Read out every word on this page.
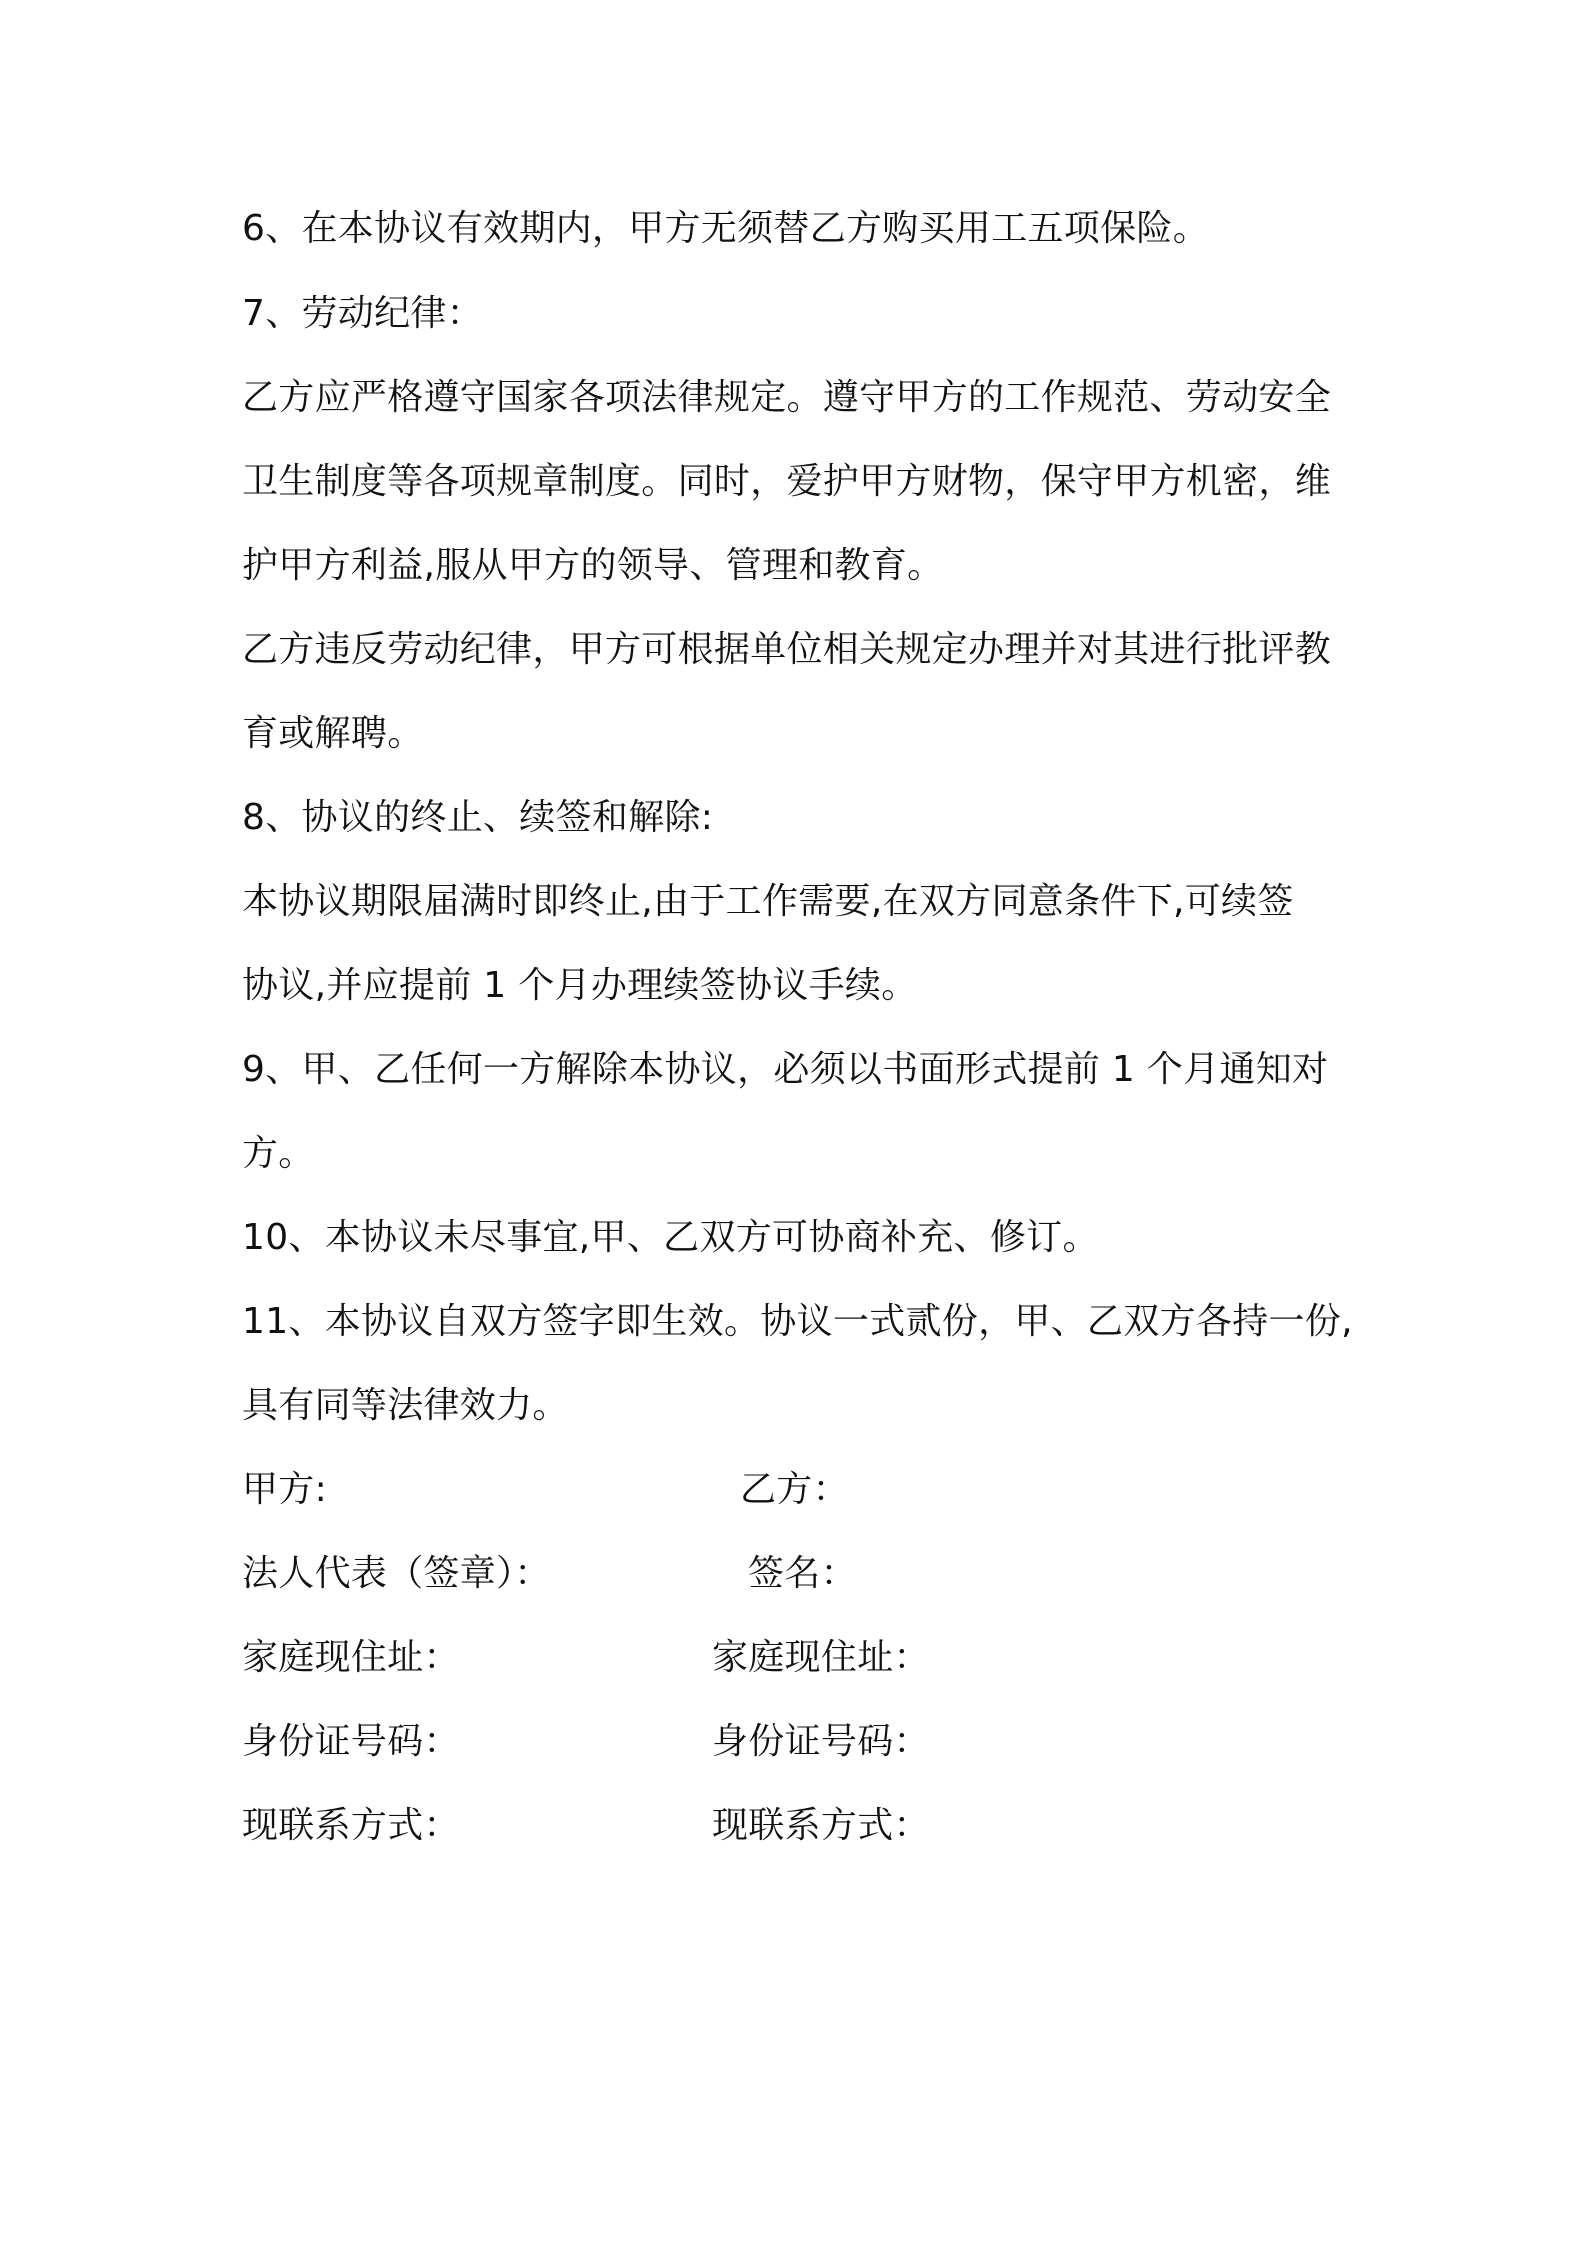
6、在本协议有效期内，甲方无须替乙方购买用工五项保险。
7、劳动纪律：
乙方应严格遵守国家各项法律规定。遵守甲方的工作规范、劳动安全
卫生制度等各项规章制度。同时，爱护甲方财物，保守甲方机密，维
护甲方利益,服从甲方的领导、管理和教育。
乙方违反劳动纪律，甲方可根据单位相关规定办理并对其进行批评教
育或解聘。
8、协议的终止、续签和解除:
本协议期限届满时即终止,由于工作需要,在双方同意条件下,可续签
协议,并应提前 1 个月办理续签协议手续。
9、甲、乙任何一方解除本协议，必须以书面形式提前 1 个月通知对
方。
10、本协议未尽事宜,甲、乙双方可协商补充、修订。
11、本协议自双方签字即生效。协议一式贰份，甲、乙双方各持一份,
具有同等法律效力。
甲方:	乙方：
法人代表（签章）：	签名：
家庭现住址：	家庭现住址：
身份证号码：	身份证号码：
现联系方式：	现联系方式：
